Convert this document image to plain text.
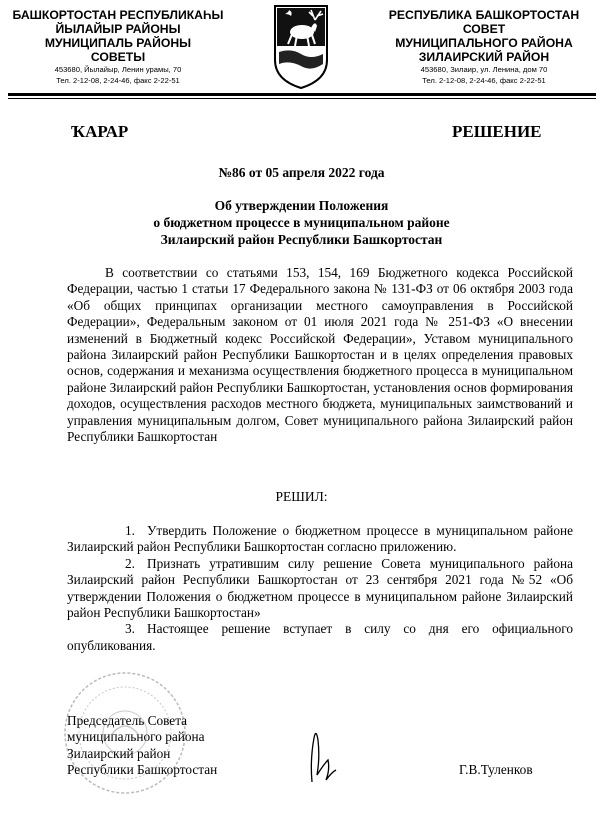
БАШКОРТОСТАН РЕСПУБЛИКАҺЫ
ЙЫЛАЙЫР РАЙОНЫ
МУНИЦИПАЛЬ РАЙОНЫ
СОВЕТЫ
453680, Йылайыр, Ленин урамы, 70
Тел. 2-12-08, 2-24-46, факс 2-22-51
РЕСПУБЛИКА БАШКОРТОСТАН
СОВЕТ
МУНИЦИПАЛЬНОГО РАЙОНА
ЗИЛАИРСКИЙ РАЙОН
453680, Зилаир, ул. Ленина, дом 70
Тел. 2-12-08, 2-24-46, факс 2-22-51
ҠАРАР	РЕШЕНИЕ
№86 от 05 апреля 2022 года
Об утверждении Положения
о бюджетном процессе в муниципальном районе
Зилаирский район Республики Башкортостан
В соответствии со статьями 153, 154, 169 Бюджетного кодекса Российской Федерации, частью 1 статьи 17 Федерального закона № 131-ФЗ от 06 октября 2003 года «Об общих принципах организации местного самоуправления в Российской Федерации», Федеральным законом от 01 июля 2021 года № 251-ФЗ «О внесении изменений в Бюджетный кодекс Российской Федерации», Уставом муниципального района Зилаирский район Республики Башкортостан и в целях определения правовых основ, содержания и механизма осуществления бюджетного процесса в муниципальном районе Зилаирский район Республики Башкортостан, установления основ формирования доходов, осуществления расходов местного бюджета, муниципальных заимствований и управления муниципальным долгом, Совет муниципального района Зилаирский район Республики Башкортостан
РЕШИЛ:

1. Утвердить Положение о бюджетном процессе в муниципальном районе Зилаирский район Республики Башкортостан согласно приложению.

2. Признать утратившим силу решение Совета муниципального района Зилаирский район Республики Башкортостан от 23 сентября 2021 года №52 «Об утверждении Положения о бюджетном процессе в муниципальном районе Зилаирский район Республики Башкортостан»

3. Настоящее решение вступает в силу со дня его официального опубликования.

Председатель Совета
муниципального района
Зилаирский район
Республики Башкортостан	Г.В.Туленков
